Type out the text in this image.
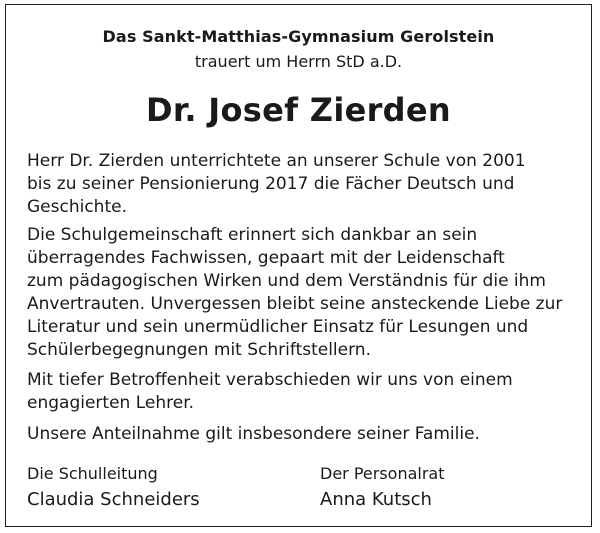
Das Sankt-Matthias-Gymnasium Gerolstein
trauert um Herrn StD a.D.
Dr. Josef Zierden

Herr Dr. Zierden unterrichtete an unserer Schule von 2001
bis zu seiner Pensionierung 2017 die Fächer Deutsch und
Geschichte.

Die Schulgemeinschaft erinnert sich dankbar an sein
überragendes Fachwissen, gepaart mit der Leidenschaft
zum pädagogischen Wirken und dem Verständnis für die ihm
Anvertrauten. Unvergessen bleibt seine ansteckende Liebe zur
Literatur und sein unermüdlicher Einsatz für Lesungen und
Schülerbegegnungen mit Schriftstellern.

Mit tiefer Betroffenheit verabschieden wir uns von einem
engagierten Lehrer.

Unsere Anteilnahme gilt insbesondere seiner Familie.

Die Schulleitung
Claudia Schneiders
Der Personalrat
Anna Kutsch
